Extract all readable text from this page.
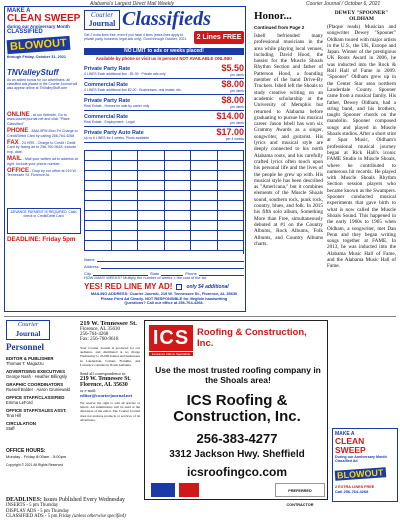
Alabama's Largest Direct Mail Weekly	Courier Journal / October 6, 2021
MAKE A
CLEAN SWEEP
during our Anniversary Month
CLASSIFIED
BLOWOUT
through Friday, October 31, 2021
Courier
Journal Classifieds
Get 2 extra lines free, even if you have 4 lines (extra lines apply to private party, business, legal ads only). Good through October, 2021.	2 Lines FREE
NO LIMIT to ads or weeks placed!
Available by phone or visit us in person! NOT AVAILABLE ONLINE!
Private Party Rate
4 LINES Each additional line - $1.00 · Private ads only
$5.50
per week
Commercial Rate
4 LINES Each additional line $2.00 · Businesses, real estate, etc.
$8.00
per week
Private Party Rate
Real Estate - Homes for sale by owner only
$8.00
per week
Commercial Rate
Real Estate · Employment · Legal
$14.00
per week
Private Party Auto Rate
Up to 6 LINES for 4 weeks. Photo available
$17.00
per 4 weeks
TNValleyStuff
As an added bonus for our advertisers, all classified ads placed in the Courier Journal will also appear online at TNValleyStuff.com
ONLINE - at our Website, Go to www.courierjournal.net and click "Place Classified"
PHONE - 8AM-5PM Mon-Fri Charge to Credit/Debit Card by calling 256-764-4268
FAX - 24 HRS - Charge to Credit / Debit Card by faxing ad to 256-760-9618. Include exp. date.
MAIL - Mail your written ad to address at right. Include your phone number.
OFFICE - Drop by our office at 219 W. Tennessee St. Florence AL
ADVANCE PAYMENT IS REQUIRED. Cash, check or Credit/Debit Card.
DEADLINE: Friday 5pm
Name
Address
City	State	Phone
HOW MANY WEEKS? Multiply the number of weeks × the cost of the ad.
YES! RED LINE MY AD!	only $4 additional
MAILING ADDRESS: Courier Journal, 219 W. Tennessee St., Florence, AL 35630
Please Print Ad Clearly. NOT RESPONSIBLE for illegible handwriting
Questions? Call our office at 256-764-4268.
Honor...
Continued from Page 2
Isbell befriended many professional musicians in the area while playing local venues, including David Hood, the bassist for the Muscle Shoals Rhythm Section and father of Patterson Hood, a founding member of the band Drive-By Truckers. Isbell left the Shoals to study creative writing on an academic scholarship at the University of Memphis but returned to Alabama before graduating to pursue his musical career. Jason Isbell has won six Grammy Awards as a singer, songwriter, and guitarist. His lyrics and musical style are deeply connected to his north Alabama roots, and his carefully crafted lyrics often touch upon his personal life and the lives of the people he grew up with. His musical style has been described as "Americana," but it combines elements of the Muscle Shoals sound, southern rock, punk rock, country, blues, and folk. In 2015 his fifth solo album, Something More than Free, simultaneously debuted at #1 on the Country Albums, Rock Albums, Folk Albums, and Country Albums charts.
DEWEY "SPOONER" OLDHAM
(Plaque reads) Musician and songwriter Dewey "Spooner" Oldham toured with major artists in the U.S., the UK, Europe and Japan. Winner of the prestigious UK Roots Award in 2006, he was inducted into the Rock & Roll Hall of Fame in 2009. "Spooner" Oldham grew up in the Center Star area northern Lauderdale County. Spooner came from a musical family. His father, Dewey Oldham, had a string band, and his brothers, taught Spooner chords on the mandolin. Spooner composed songs and played in Muscle Shoals studios. After a short stint at Spar Music, Oldham's professional musical journey began at Rick Hall's iconic FAME Studio in Muscle Shoals, where he contributed to numerous hit records. He played with Muscle Shoals Rhythm Section session players who became known as the Swampers. Spooner conducted musical experiments that gave birth to what is now called the Muscle Shoals Sound. This happened in the early 1960s to 1965 when Oldham, a songwriter, met Dan Penn and they began writing songs together at FAME. In 2013, he was inducted into the Alabama Music Hall of Fame, and the Alabama Music Hall of Fame.
Courier
Journal
Personnel
EDITOR & PUBLISHER
Thomas T. Magazzu
ADVERTISING EXECUTIVES
George Nash · Heather Billingsly
GRAPHIC COORDINATORS
Russell Bolder · Aaron Gruniewald
OFFICE STAFF/CLASSIFIED
Emma LeFord
OFFICE STAFF/SALES ASST.
Tina Hill
CIRCULATION
Staff
OFFICE HOURS:
Monday - Friday 8:00am - 5:00pm
Copyright © 2021 All Rights Reserved
219 W. Tennessee St.
Florence, AL 35630
256-764-4268
Fax: 256-760-9618
Your Courier Journal is produced for our audience, and distributed at no charge Wednesday to 25,000 homes and businesses in Lauderdale, Colbert, Franklin, and Lawrence counties in North Alabama.
Send all correspondence to:
219 W. Tennessee St.
Florence, AL 35630
or e-mail:
editor@courierjournal.net
We reserve the right to edit all articles or letters. All submissions will be used at the discretion of the editor. The Courier Journal does not endorse products or services of its advertisers.
ICS Roofing & Construction, Inc.
Insurance Claims Specialists
Use the most trusted roofing company in the Shoals area!
ICS Roofing &
Construction, Inc.
256-383-4277
3312 Jackson Hwy. Sheffield
icsroofingco.com
PREFERRED CONTRACTOR
MAKE A
CLEAN SWEEP
During our Anniversary Month Classified Ad
BLOWOUT
2 EXTRA LINES FREE
Call 256-764-4268
DEADLINES: Issues Published Every Wednesday
INSERTS - 5 pm Thursday
DISPLAY ADS - 5 pm Thursday
CLASSIFIED ADS - 5 pm Friday (unless otherwise specified)
